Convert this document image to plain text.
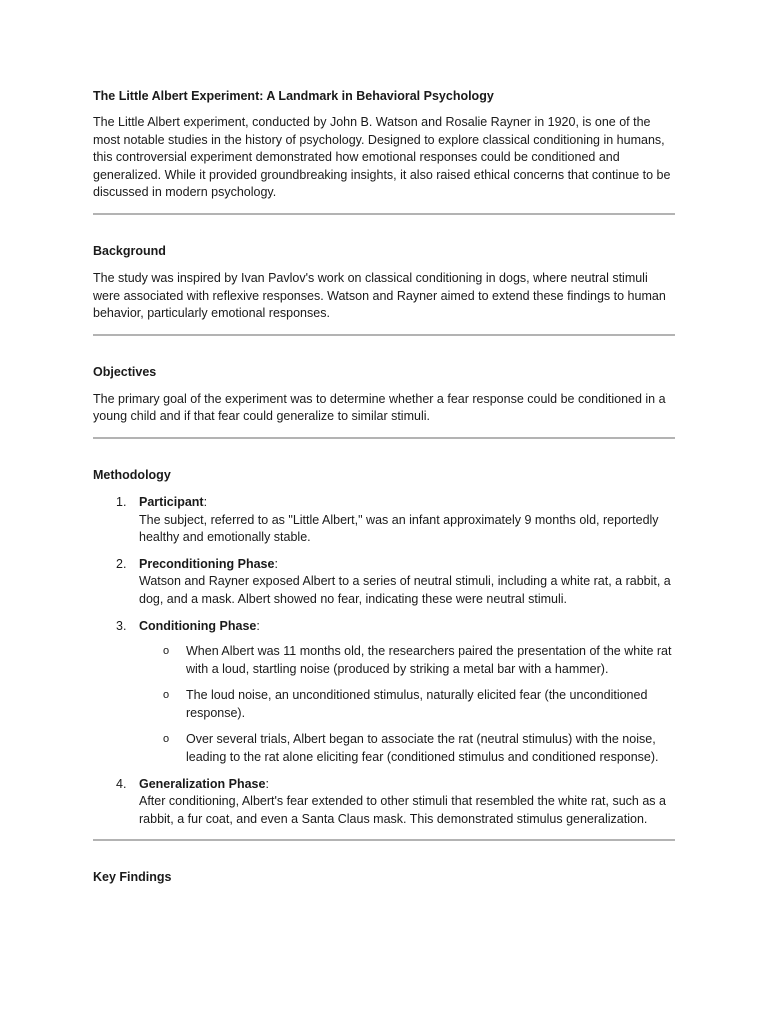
The Little Albert Experiment: A Landmark in Behavioral Psychology

The Little Albert experiment, conducted by John B. Watson and Rosalie Rayner in 1920, is one of the most notable studies in the history of psychology. Designed to explore classical conditioning in humans, this controversial experiment demonstrated how emotional responses could be conditioned and generalized. While it provided groundbreaking insights, it also raised ethical concerns that continue to be discussed in modern psychology.

Background

The study was inspired by Ivan Pavlov's work on classical conditioning in dogs, where neutral stimuli were associated with reflexive responses. Watson and Rayner aimed to extend these findings to human behavior, particularly emotional responses.

Objectives

The primary goal of the experiment was to determine whether a fear response could be conditioned in a young child and if that fear could generalize to similar stimuli.

Methodology
1. Participant:
The subject, referred to as "Little Albert," was an infant approximately 9 months old, reportedly healthy and emotionally stable.
2. Preconditioning Phase:
Watson and Rayner exposed Albert to a series of neutral stimuli, including a white rat, a rabbit, a dog, and a mask. Albert showed no fear, indicating these were neutral stimuli.
3. Conditioning Phase:
o When Albert was 11 months old, the researchers paired the presentation of the white rat with a loud, startling noise (produced by striking a metal bar with a hammer).
o The loud noise, an unconditioned stimulus, naturally elicited fear (the unconditioned response).
o Over several trials, Albert began to associate the rat (neutral stimulus) with the noise, leading to the rat alone eliciting fear (conditioned stimulus and conditioned response).
4. Generalization Phase:
After conditioning, Albert's fear extended to other stimuli that resembled the white rat, such as a rabbit, a fur coat, and even a Santa Claus mask. This demonstrated stimulus generalization.
Key Findings
